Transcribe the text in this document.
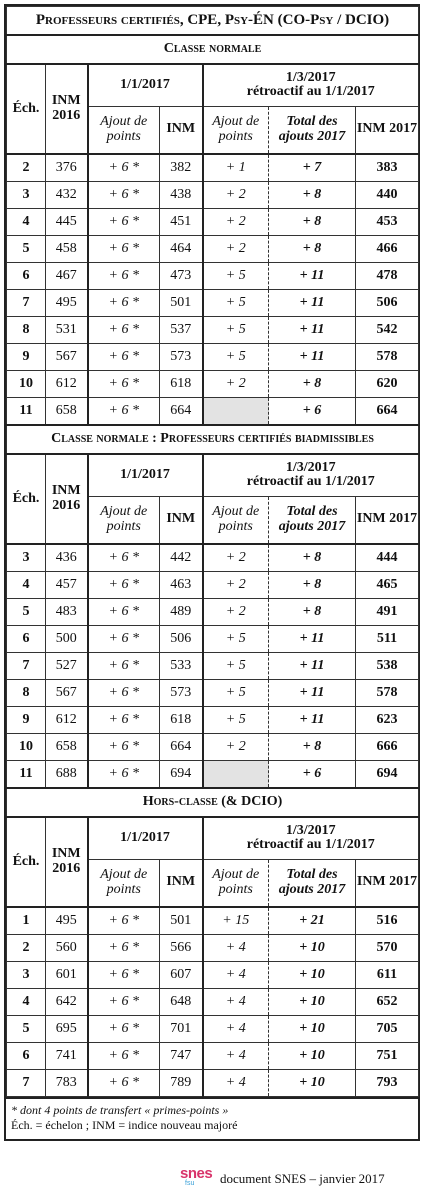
Professeurs certifiés, CPE, Psy-ÉN (CO-Psy / DCIO)						
Classe normale						
Éch.	INM 2016	1/1/2017		1/3/2017
rétroactif au 1/1/2017		

		Ajout de points	INM	Ajout de points	Total des ajouts 2017	INM 2017
2	376	+ 6 *	382	+ 1	+ 7	383
3	432	+ 6 *	438	+ 2	+ 8	440
4	445	+ 6 *	451	+ 2	+ 8	453
5	458	+ 6 *	464	+ 2	+ 8	466
6	467	+ 6 *	473	+ 5	+ 11	478
7	495	+ 6 *	501	+ 5	+ 11	506
8	531	+ 6 *	537	+ 5	+ 11	542
9	567	+ 6 *	573	+ 5	+ 11	578
10	612	+ 6 *	618	+ 2	+ 8	620
11	658	+ 6 *	664		+ 6	664
Classe normale : Professeurs certifiés biadmissibles						
Éch.	INM 2016	1/1/2017		1/3/2017
rétroactif au 1/1/2017		

		Ajout de points	INM	Ajout de points	Total des ajouts 2017	INM 2017
3	436	+ 6 *	442	+ 2	+ 8	444
4	457	+ 6 *	463	+ 2	+ 8	465
5	483	+ 6 *	489	+ 2	+ 8	491
6	500	+ 6 *	506	+ 5	+ 11	511
7	527	+ 6 *	533	+ 5	+ 11	538
8	567	+ 6 *	573	+ 5	+ 11	578
9	612	+ 6 *	618	+ 5	+ 11	623
10	658	+ 6 *	664	+ 2	+ 8	666
11	688	+ 6 *	694		+ 6	694
Hors-classe (& DCIO)						
Éch.	INM 2016	1/1/2017		1/3/2017
rétroactif au 1/1/2017		

		Ajout de points	INM	Ajout de points	Total des ajouts 2017	INM 2017
1	495	+ 6 *	501	+ 15	+ 21	516
2	560	+ 6 *	566	+ 4	+ 10	570
3	601	+ 6 *	607	+ 4	+ 10	611
4	642	+ 6 *	648	+ 4	+ 10	652
5	695	+ 6 *	701	+ 4	+ 10	705
6	741	+ 6 *	747	+ 4	+ 10	751
7	783	+ 6 *	789	+ 4	+ 10	793
* dont 4 points de transfert « primes-points »
Éch. = échelon ; INM = indice nouveau majoré
snes
fsu document SNES – janvier 2017
